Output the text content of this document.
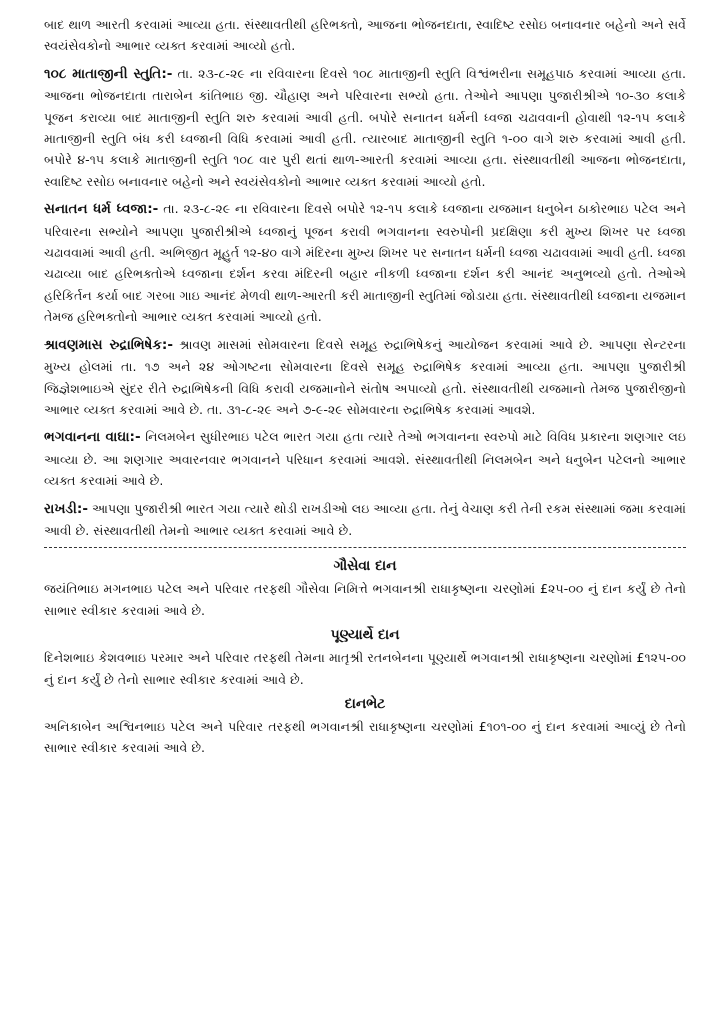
બાદ થાળ આરતી કરવામાં આવ્યા હતા. સંસ્થાવતીથી હરિભક્તો, આજના ભોજનદાતા, સ્વાદિષ્ટ રસોઇ બનાવનાર બહેનો અને સર્વે સ્વયંસેવકોનો આભાર વ્યક્ત કરવામાં આવ્યો હતો.

૧૦૮ માતાજીની સ્તુતિ:- તા. ૨૩-૮-૨૯ ના રવિવારના દિવસે ૧૦૮ માતાજીની સ્તુતિ વિશ્વંભરીના સમૂહપાઠ કરવામાં આવ્યા હતા. આજના ભોજનદાતા તારાબેન કાંતિભાઇ જી. ચૌહાણ અને પરિવારના સભ્યો હતા. તેઓને આપણા પુજારીશ્રીએ ૧૦-૩૦ કલાકે પૂજન કરાવ્યા બાદ માતાજીની સ્તુતિ શરુ કરવામાં આવી હતી. બપોરે સનાતન ધર્મની ધ્વજા ચઢાવવાની હોવાથી ૧૨-૧૫ કલાકે માતાજીની સ્તુતિ બંધ કરી ધ્વજાની વિધિ કરવામાં આવી હતી. ત્યારબાદ માતાજીની સ્તુતિ ૧-૦૦ વાગે શરુ કરવામાં આવી હતી. બપોરે ૪-૧૫ કલાકે માતાજીની સ્તુતિ ૧૦૮ વાર પુરી થતાં થાળ-આરતી કરવામાં આવ્યા હતા. સંસ્થાવતીથી આજના ભોજનદાતા, સ્વાદિષ્ટ રસોઇ બનાવનાર બહેનો અને સ્વયંસેવકોનો આભાર વ્યક્ત કરવામાં આવ્યો હતો.

સનાતન ધર્મ ધ્વજા:- તા. ૨૩-૮-૨૯ ના રવિવારના દિવસે બપોરે ૧૨-૧૫ કલાકે ધ્વજાના યજમાન ધનુબેન ઠાકોરભાઇ પટેલ અને પરિવારના સભ્યોને આપણા પુજારીશ્રીએ ધ્વજાનું પૂજન કરાવી ભગવાનના સ્વરુપોની પ્રદક્ષિણા કરી મુખ્ય શિખર પર ધ્વજા ચઢાવવામાં આવી હતી. અભિજીત મૂહુર્ત ૧૨-૪૦ વાગે મંદિરના મુખ્ય શિખર પર સનાતન ધર્મની ધ્વજા ચઢાવવામાં આવી હતી. ધ્વજા ચઢાવ્યા બાદ હરિભક્તોએ ધ્વજાના દર્શન કરવા મંદિરની બહાર નીકળી ધ્વજાના દર્શન કરી આનંદ અનુભવ્યો હતો. તેઓએ હરિકિર્તન કર્યા બાદ ગરબા ગાઇ આનંદ મેળવી થાળ-આરતી કરી માતાજીની સ્તુતિમાં જોડાયા હતા. સંસ્થાવતીથી ધ્વજાના યજમાન તેમજ હરિભક્તોનો આભાર વ્યક્ત કરવામાં આવ્યો હતો.

શ્રાવણમાસ રુદ્રાભિષેક:- શ્રાવણ માસમાં સોમવારના દિવસે સમૂહ રુદ્રાભિષેકનું આયોજન કરવામાં આવે છે. આપણા સેન્ટરના મુખ્ય હોલમાં તા. ૧૭ અને ૨૪ ઓગષ્ટના સોમવારના દિવસે સમૂહ રુદ્રાભિષેક કરવામાં આવ્યા હતા. આપણા પુજારીશ્રી જિજ્ઞેશભાઇએ સુંદર રીતે રુદ્રાભિષેકની વિધિ કરાવી યજમાનોને સંતોષ અપાવ્યો હતો. સંસ્થાવતીથી યજમાનો તેમજ પુજારીજીનો આભાર વ્યક્ત કરવામાં આવે છે. તા. ૩૧-૮-૨૯ અને ૭-૯-૨૯ સોમવારના રુદ્રાભિષેક કરવામાં આવશે.

ભગવાનના વાઘા:- નિલમબેન સુધીરભાઇ પટેલ ભારત ગયા હતા ત્યારે તેઓ ભગવાનના સ્વરુપો માટે વિવિધ પ્રકારના શણગાર લઇ આવ્યા છે. આ શણગાર અવારનવાર ભગવાનને પરિધાન કરવામાં આવશે. સંસ્થાવતીથી નિલમબેન અને ધનુબેન પટેલનો આભાર વ્યક્ત કરવામાં આવે છે.

રાખડી:- આપણા પુજારીશ્રી ભારત ગયા ત્યારે થોડી રાખડીઓ લઇ આવ્યા હતા. તેનું વેચાણ કરી તેની રકમ સંસ્થામાં જમા કરવામાં આવી છે. સંસ્થાવતીથી તેમનો આભાર વ્યક્ત કરવામાં આવે છે.

ગૌસેવા દાન

જયંતિભાઇ મગનભાઇ પટેલ અને પરિવાર તરફથી ગૌસેવા નિમિત્તે ભગવાનશ્રી રાધાકૃષ્ણના ચરણોમાં £૨૫-૦૦ નું દાન કર્યું છે તેનો સાભાર સ્વીકાર કરવામાં આવે છે.

પૂણ્યાર્થે દાન

દિનેશભાઇ કેશવભાઇ પરમાર અને પરિવાર તરફથી તેમના માતૃશ્રી રતનબેનના પૂણ્યાર્થે ભગવાનશ્રી રાધાકૃષ્ણના ચરણોમાં £૧૨૫-૦૦ નું દાન કર્યું છે તેનો સાભાર સ્વીકાર કરવામાં આવે છે.

દાનભેટ

અનિકાબેન અશ્વિનભાઇ પટેલ અને પરિવાર તરફથી ભગવાનશ્રી રાધાકૃષ્ણના ચરણોમાં £૧૦૧-૦૦ નું દાન કરવામાં આવ્યું છે તેનો સાભાર સ્વીકાર કરવામાં આવે છે.
